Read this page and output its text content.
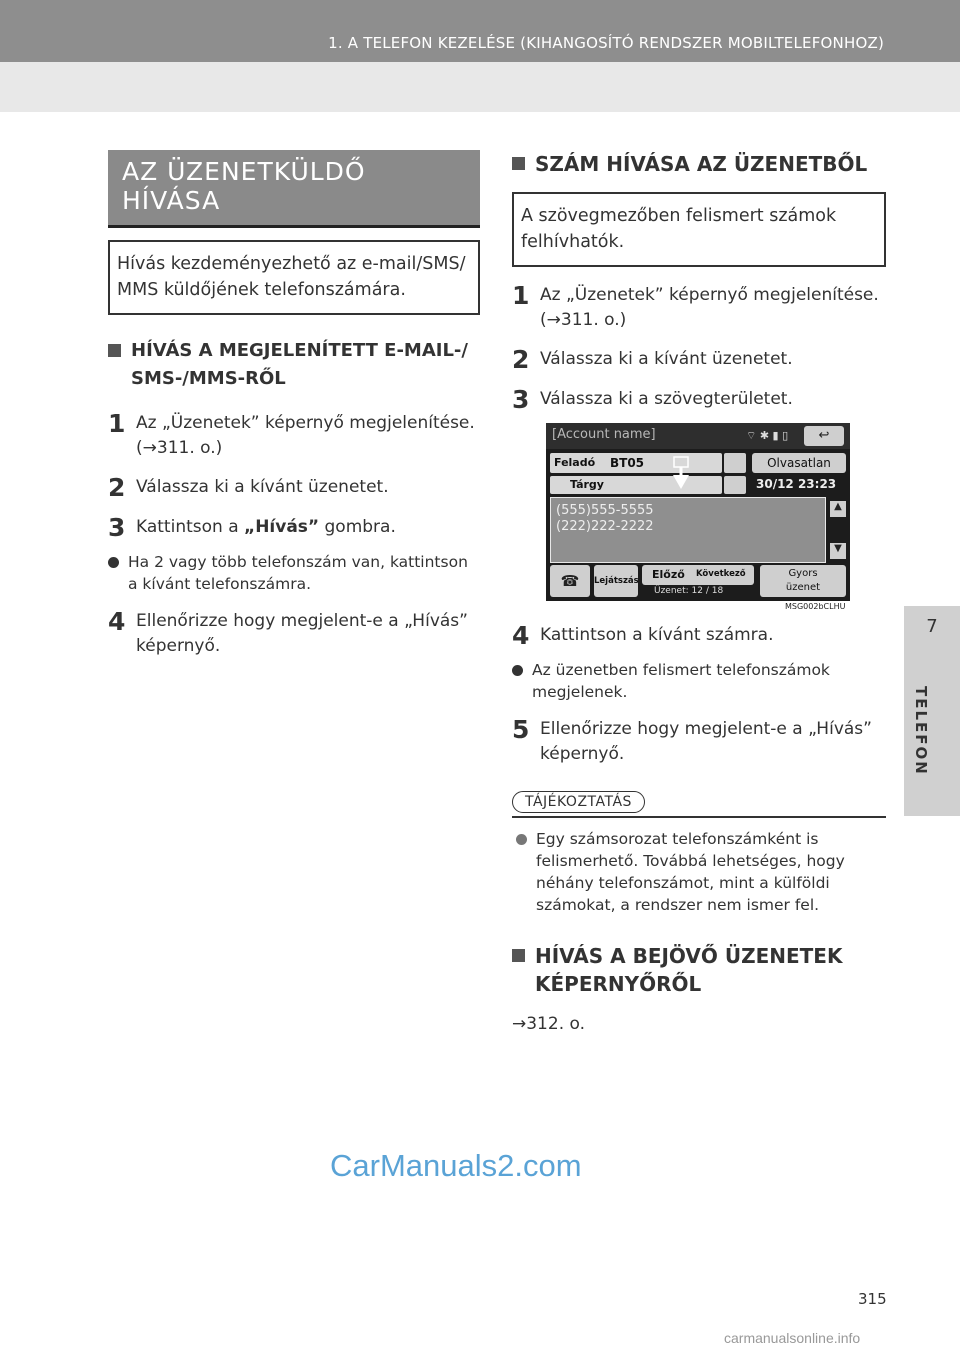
1. A TELEFON KEZELÉSE (KIHANGOSÍTÓ RENDSZER MOBILTELEFONHOZ)
7
TELEFON
AZ ÜZENETKÜLDŐ HÍVÁSA
Hívás kezdeményezhető az e-mail/SMS/ MMS küldőjének telefonszámára.
HÍVÁS A MEGJELENÍTETT E-MAIL-/
SMS-/MMS-RŐL
1 Az „Üzenetek” képernyő megjelenítése. (→311. o.)
2 Válassza ki a kívánt üzenetet.
3 Kattintson a „Hívás” gombra.
Ha 2 vagy több telefonszám van, kattintson a kívánt telefonszámra.
4 Ellenőrizze hogy megjelent-e a „Hívás” képernyő.
SZÁM HÍVÁSA AZ ÜZENETBŐL
A szövegmezőben felismert számok felhívhatók.
1 Az „Üzenetek” képernyő megjelenítése. (→311. o.)
2 Válassza ki a kívánt üzenetet.
3 Válassza ki a szövegterületet.
[Account name]	⌔ ✱ ▮ ▯	↩
Feladó BT05	Olvasatlan
Tárgy	30/12 23:23
(555)555-5555
(222)222-2222
▲
▼
☎	Lejátszás Előző Következő
Üzenet: 12 / 18
Gyors
üzenet
MSG002bCLHU
4 Kattintson a kívánt számra.
Az üzenetben felismert telefonszámok megjelenek.
5 Ellenőrizze hogy megjelent-e a „Hívás” képernyő.
TÁJÉKOZTATÁS
Egy számsorozat telefonszámként is felismerhető. Továbbá lehetséges, hogy néhány telefonszámot, mint a külföldi számokat, a rendszer nem ismer fel.
HÍVÁS A BEJÖVŐ ÜZENETEK
KÉPERNYŐRŐL
→312. o.
315
CarManuals2.com
carmanualsonline.info
